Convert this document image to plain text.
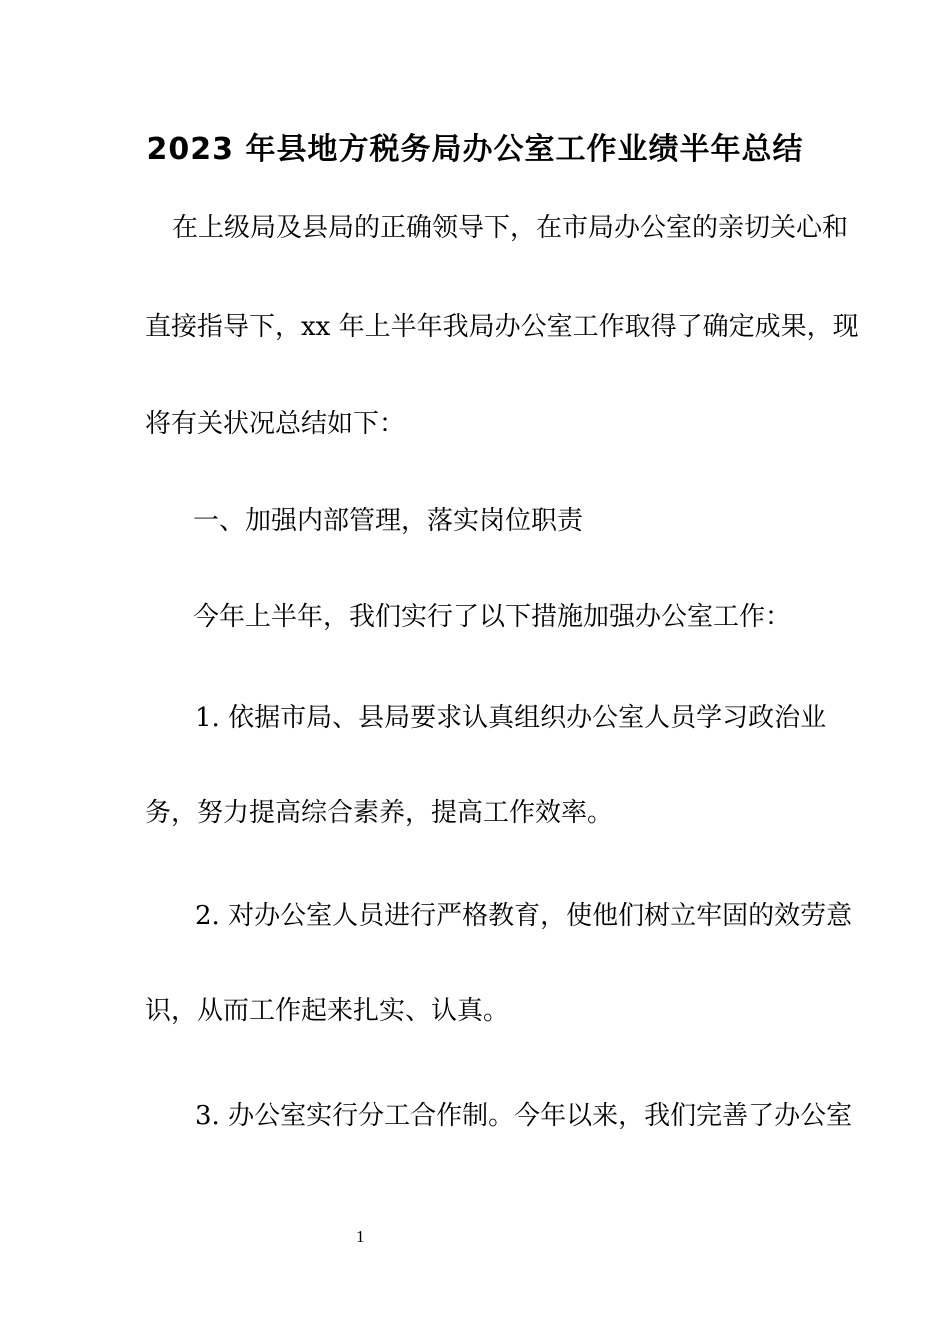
2023 年县地方税务局办公室工作业绩半年总结
在上级局及县局的正确领导下，在市局办公室的亲切关心和
直接指导下，xx 年上半年我局办公室工作取得了确定成果，现
将有关状况总结如下：
一、加强内部管理，落实岗位职责
今年上半年，我们实行了以下措施加强办公室工作：
1. 依据市局、县局要求认真组织办公室人员学习政治业
务，努力提高综合素养，提高工作效率。
2. 对办公室人员进行严格教育，使他们树立牢固的效劳意
识，从而工作起来扎实、认真。
3. 办公室实行分工合作制。今年以来，我们完善了办公室
1
